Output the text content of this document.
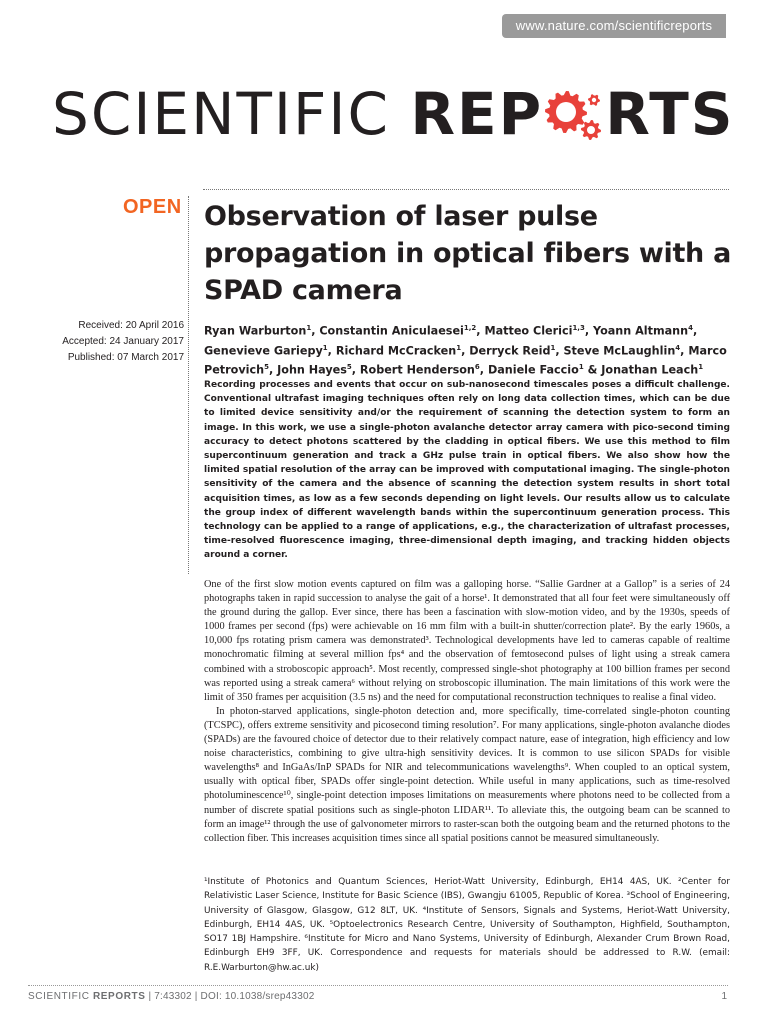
www.nature.com/scientificreports
SCIENTIFIC REP RTS
OPEN Observation of laser pulse propagation in optical fibers with a SPAD camera
Received: 20 April 2016
Accepted: 24 January 2017
Published: 07 March 2017
Ryan Warburton$^1$, Constantin Aniculaesei$^{1,2}$, Matteo Clerici$^{1,3}$, Yoann Altmann$^4$, Genevieve Gariepy$^1$, Richard McCracken$^1$, Derryck Reid$^1$, Steve McLaughlin$^4$, Marco Petrovich$^5$, John Hayes$^5$, Robert Henderson$^6$, Daniele Faccio$^1$ & Jonathan Leach$^1$
Recording processes and events that occur on sub-nanosecond timescales poses a difficult challenge. Conventional ultrafast imaging techniques often rely on long data collection times, which can be due to limited device sensitivity and/or the requirement of scanning the detection system to form an image. In this work, we use a single-photon avalanche detector array camera with pico-second timing accuracy to detect photons scattered by the cladding in optical fibers. We use this method to film supercontinuum generation and track a GHz pulse train in optical fibers. We also show how the limited spatial resolution of the array can be improved with computational imaging. The single-photon sensitivity of the camera and the absence of scanning the detection system results in short total acquisition times, as low as a few seconds depending on light levels. Our results allow us to calculate the group index of different wavelength bands within the supercontinuum generation process. This technology can be applied to a range of applications, e.g., the characterization of ultrafast processes, time-resolved fluorescence imaging, three-dimensional depth imaging, and tracking hidden objects around a corner.

One of the first slow motion events captured on film was a galloping horse. “Sallie Gardner at a Gallop” is a series of 24 photographs taken in rapid succession to analyse the gait of a horse¹. It demonstrated that all four feet were simultaneously off the ground during the gallop. Ever since, there has been a fascination with slow-motion video, and by the 1930s, speeds of 1000 frames per second (fps) were achievable on 16 mm film with a built-in shutter/correction plate². By the early 1960s, a 10,000 fps rotating prism camera was demonstrated³. Technological developments have led to cameras capable of realtime monochromatic filming at several million fps⁴ and the observation of femtosecond pulses of light using a streak camera combined with a stroboscopic approach⁵. Most recently, compressed single-shot photography at 100 billion frames per second was reported using a streak camera⁶ without relying on stroboscopic illumination. The main limitations of this work were the limit of 350 frames per acquisition (3.5 ns) and the need for computational reconstruction techniques to realise a final video.

In photon-starved applications, single-photon detection and, more specifically, time-correlated single-photon counting (TCSPC), offers extreme sensitivity and picosecond timing resolution⁷. For many applications, single-photon avalanche diodes (SPADs) are the favoured choice of detector due to their relatively compact nature, ease of integration, high efficiency and low noise characteristics, combining to give ultra-high sensitivity devices. It is common to use silicon SPADs for visible wavelengths⁸ and InGaAs/InP SPADs for NIR and telecommunications wavelengths⁹. When coupled to an optical system, usually with optical fiber, SPADs offer single-point detection. While useful in many applications, such as time-resolved photoluminescence¹⁰, single-point detection imposes limitations on measurements where photons need to be collected from a number of discrete spatial positions such as single-photon LIDAR¹¹. To alleviate this, the outgoing beam can be scanned to form an image¹² through the use of galvonometer mirrors to raster-scan both the outgoing beam and the returned photons to the collection fiber. This increases acquisition times since all spatial positions cannot be measured simultaneously.

¹Institute of Photonics and Quantum Sciences, Heriot-Watt University, Edinburgh, EH14 4AS, UK. ²Center for Relativistic Laser Science, Institute for Basic Science (IBS), Gwangju 61005, Republic of Korea. ³School of Engineering, University of Glasgow, Glasgow, G12 8LT, UK. ⁴Institute of Sensors, Signals and Systems, Heriot-Watt University, Edinburgh, EH14 4AS, UK. ⁵Optoelectronics Research Centre, University of Southampton, Highfield, Southampton, SO17 1BJ Hampshire. ⁶Institute for Micro and Nano Systems, University of Edinburgh, Alexander Crum Brown Road, Edinburgh EH9 3FF, UK. Correspondence and requests for materials should be addressed to R.W. (email: R.E.Warburton@hw.ac.uk)
SCIENTIFIC REPORTS | 7:43302 | DOI: 10.1038/srep43302	1
